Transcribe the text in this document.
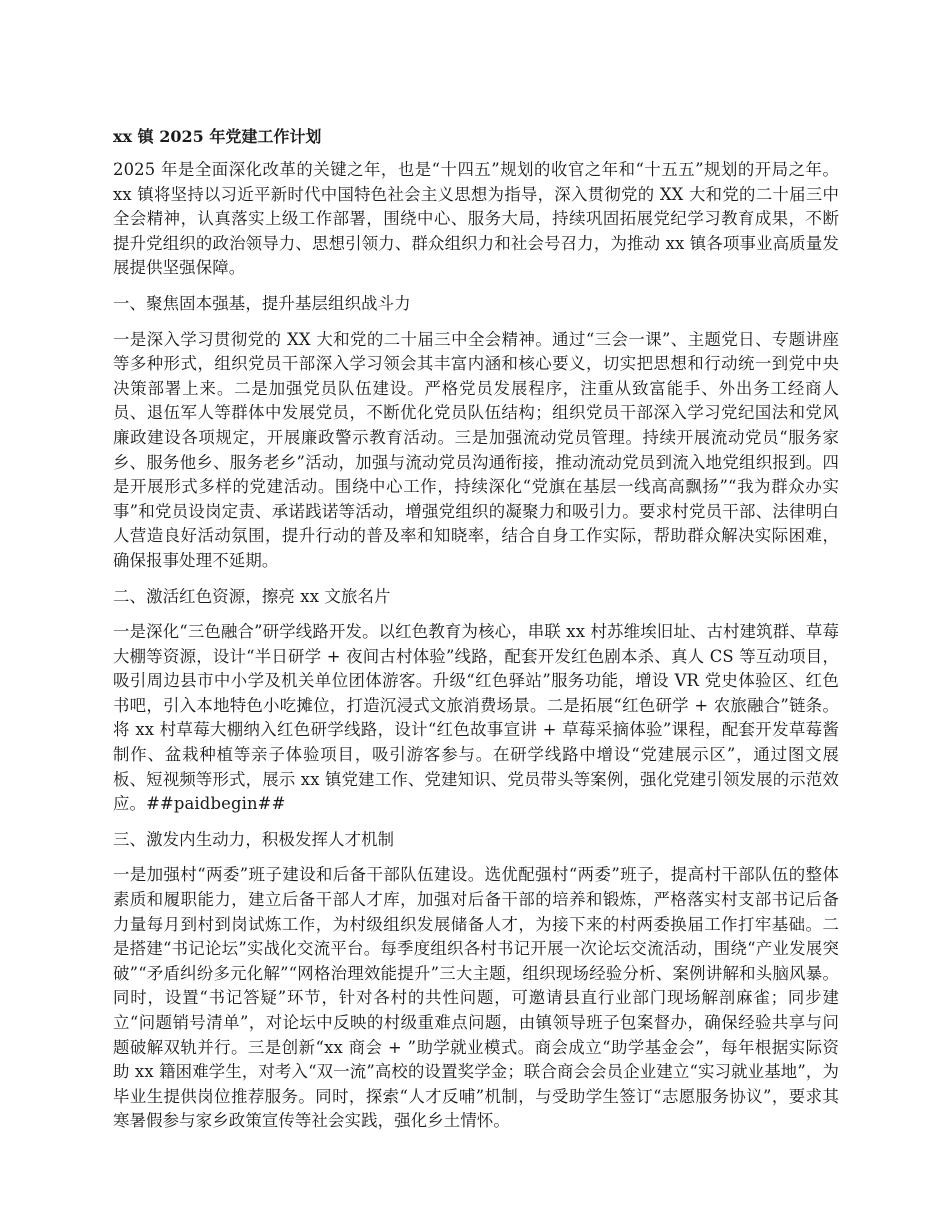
xx 镇 2025 年党建工作计划

2025 年是全面深化改革的关键之年，也是“十四五”规划的收官之年和“十五五”规划的开局之年。xx 镇将坚持以习近平新时代中国特色社会主义思想为指导，深入贯彻党的 XX 大和党的二十届三中全会精神，认真落实上级工作部署，围绕中心、服务大局，持续巩固拓展党纪学习教育成果，不断提升党组织的政治领导力、思想引领力、群众组织力和社会号召力，为推动 xx 镇各项事业高质量发展提供坚强保障。

一、聚焦固本强基，提升基层组织战斗力

一是深入学习贯彻党的 XX 大和党的二十届三中全会精神。通过“三会一课”、主题党日、专题讲座等多种形式，组织党员干部深入学习领会其丰富内涵和核心要义，切实把思想和行动统一到党中央决策部署上来。二是加强党员队伍建设。严格党员发展程序，注重从致富能手、外出务工经商人员、退伍军人等群体中发展党员，不断优化党员队伍结构；组织党员干部深入学习党纪国法和党风廉政建设各项规定，开展廉政警示教育活动。三是加强流动党员管理。持续开展流动党员“服务家乡、服务他乡、服务老乡”活动，加强与流动党员沟通衔接，推动流动党员到流入地党组织报到。四是开展形式多样的党建活动。围绕中心工作，持续深化“党旗在基层一线高高飘扬”“我为群众办实事”和党员设岗定责、承诺践诺等活动，增强党组织的凝聚力和吸引力。要求村党员干部、法律明白人营造良好活动氛围，提升行动的普及率和知晓率，结合自身工作实际，帮助群众解决实际困难，确保报事处理不延期。

二、激活红色资源，擦亮 xx 文旅名片

一是深化“三色融合”研学线路开发。以红色教育为核心，串联 xx 村苏维埃旧址、古村建筑群、草莓大棚等资源，设计“半日研学 + 夜间古村体验”线路，配套开发红色剧本杀、真人 CS 等互动项目，吸引周边县市中小学及机关单位团体游客。升级“红色驿站”服务功能，增设 VR 党史体验区、红色书吧，引入本地特色小吃摊位，打造沉浸式文旅消费场景。二是拓展“红色研学 + 农旅融合”链条。将 xx 村草莓大棚纳入红色研学线路，设计“红色故事宣讲 + 草莓采摘体验”课程，配套开发草莓酱制作、盆栽种植等亲子体验项目，吸引游客参与。在研学线路中增设“党建展示区”，通过图文展板、短视频等形式，展示 xx 镇党建工作、党建知识、党员带头等案例，强化党建引领发展的示范效应。##paidbegin##

三、激发内生动力，积极发挥人才机制

一是加强村“两委”班子建设和后备干部队伍建设。选优配强村“两委”班子，提高村干部队伍的整体素质和履职能力，建立后备干部人才库，加强对后备干部的培养和锻炼，严格落实村支部书记后备力量每月到村到岗试炼工作，为村级组织发展储备人才，为接下来的村两委换届工作打牢基础。二是搭建“书记论坛”实战化交流平台。每季度组织各村书记开展一次论坛交流活动，围绕“产业发展突破”“矛盾纠纷多元化解”“网格治理效能提升”三大主题，组织现场经验分析、案例讲解和头脑风暴。同时，设置“书记答疑”环节，针对各村的共性问题，可邀请县直行业部门现场解剖麻雀；同步建立“问题销号清单”，对论坛中反映的村级重难点问题，由镇领导班子包案督办，确保经验共享与问题破解双轨并行。三是创新“xx 商会 + ”助学就业模式。商会成立“助学基金会”，每年根据实际资助 xx 籍困难学生，对考入“双一流”高校的设置奖学金；联合商会会员企业建立“实习就业基地”，为毕业生提供岗位推荐服务。同时，探索“人才反哺”机制，与受助学生签订“志愿服务协议”，要求其寒暑假参与家乡政策宣传等社会实践，强化乡土情怀。
